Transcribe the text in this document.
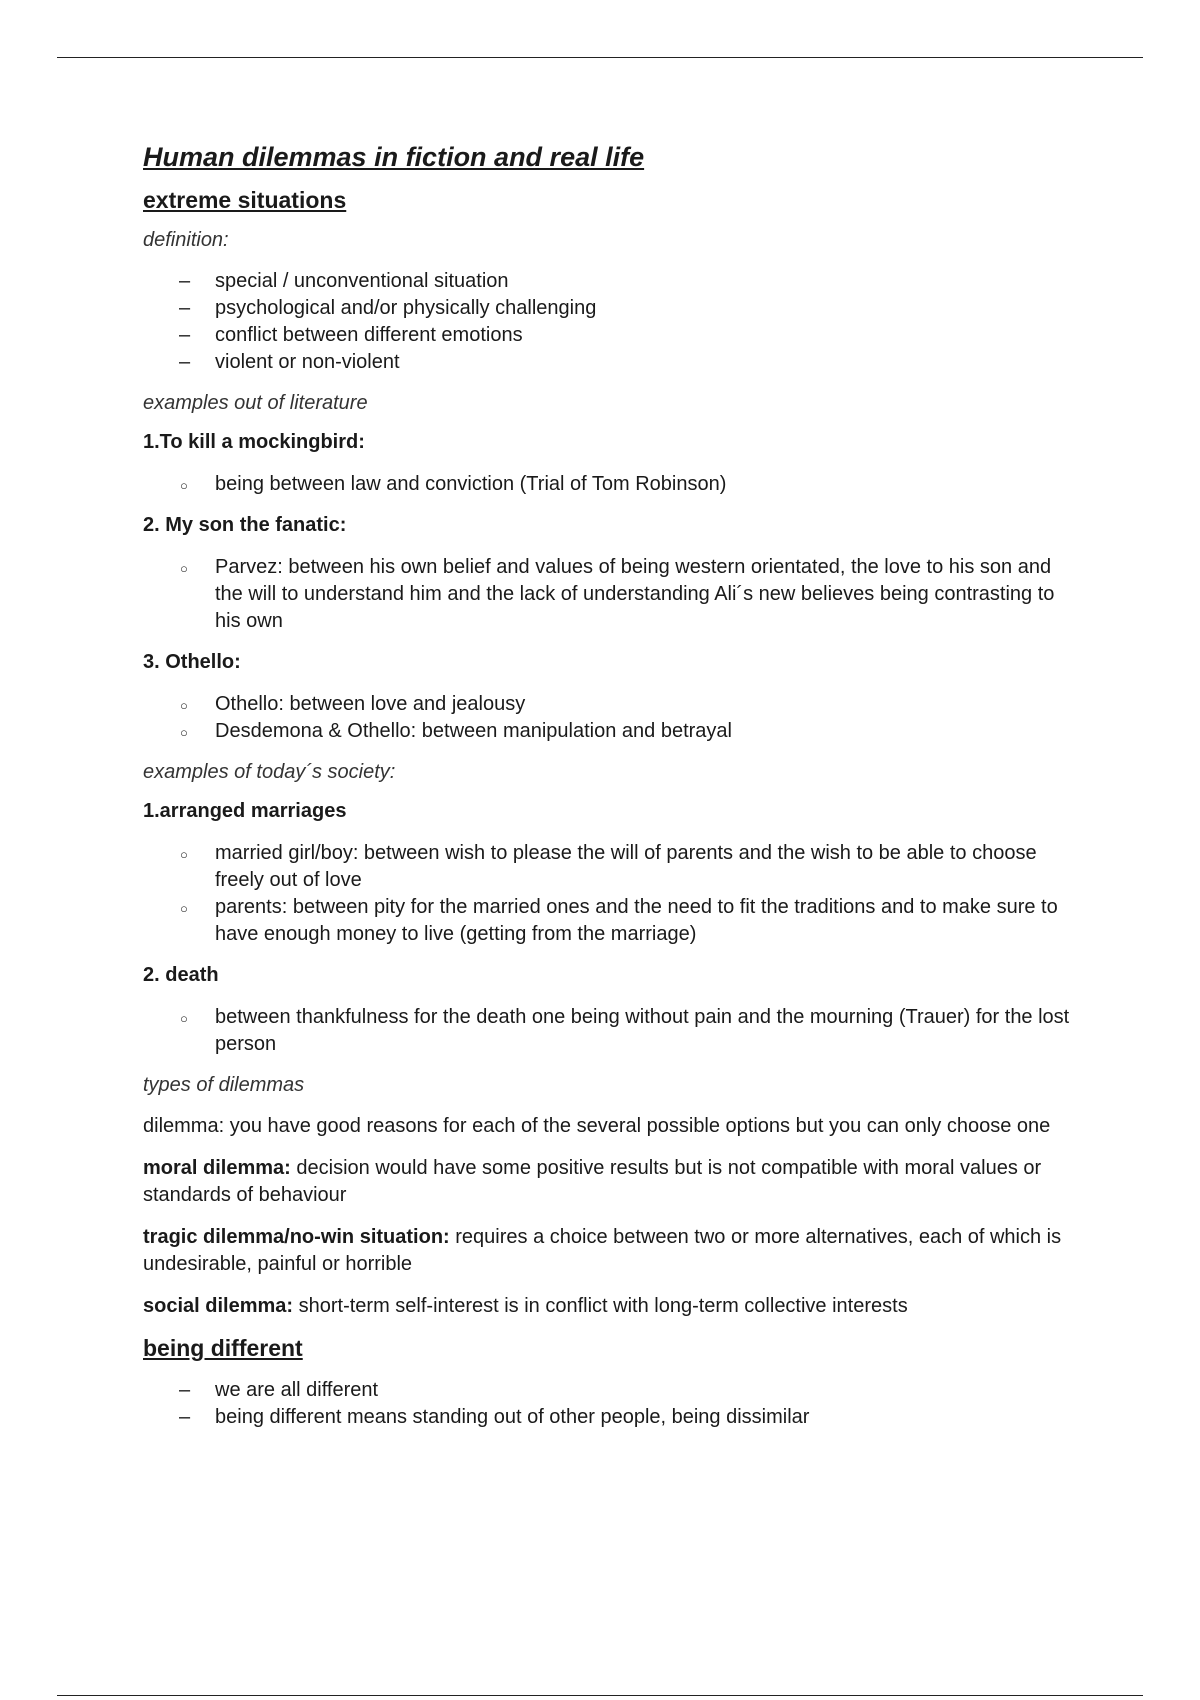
Human dilemmas in fiction and real life
extreme situations

definition:

– special / unconventional situation
– psychological and/or physically challenging
– conflict between different emotions
– violent or non-violent

examples out of literature

1.To kill a mockingbird:

○ being between law and conviction (Trial of Tom Robinson)

2. My son the fanatic:

○ Parvez: between his own belief and values of being western orientated, the love to his son and the will to understand him and the lack of understanding Ali´s new believes being contrasting to his own

3. Othello:

○ Othello: between love and jealousy
○ Desdemona & Othello: between manipulation and betrayal

examples of today´s society:

1.arranged marriages

○ married girl/boy: between wish to please the will of parents and the wish to be able to choose freely out of love
○ parents: between pity for the married ones and the need to fit the traditions and to make sure to have enough money to live (getting from the marriage)

2. death

○ between thankfulness for the death one being without pain and the mourning (Trauer) for the lost person

types of dilemmas

dilemma: you have good reasons for each of the several possible options but you can only choose one

moral dilemma: decision would have some positive results but is not compatible with moral values or standards of behaviour

tragic dilemma/no-win situation: requires a choice between two or more alternatives, each of which is undesirable, painful or horrible

social dilemma: short-term self-interest is in conflict with long-term collective interests

being different
– we are all different
– being different means standing out of other people, being dissimilar
